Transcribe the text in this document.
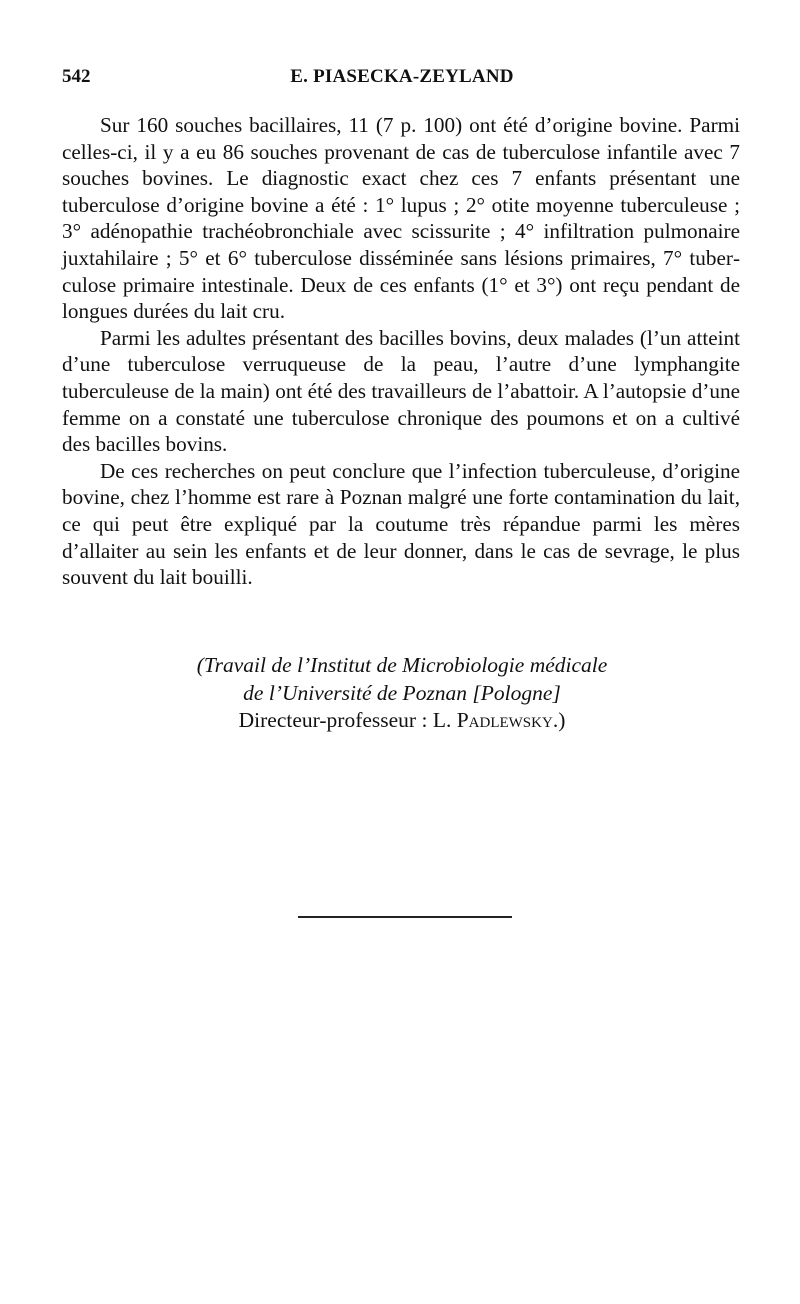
542	E. PIASECKA-ZEYLAND

Sur 160 souches bacillaires, 11 (7 p. 100) ont été d’origine bovine. Parmi celles-ci, il y a eu 86 souches provenant de cas de tuberculose infantile avec 7 souches bovines. Le diagnostic exact chez ces 7 enfants présentant une tuberculose d’origine bovine a été : 1° lupus ; 2° otite moyenne tuberculeuse ; 3° adénopathie trachéobronchiale avec scissurite ; 4° infiltration pulmonaire juxtahilaire ; 5° et 6° tuberculose disséminée sans lésions primaires, 7° tuberculose primaire intestinale. Deux de ces enfants (1° et 3°) ont reçu pendant de longues durées du lait cru.

Parmi les adultes présentant des bacilles bovins, deux malades (l’un atteint d’une tuberculose verruqueuse de la peau, l’autre d’une lymphangite tuberculeuse de la main) ont été des travailleurs de l’abattoir. A l’autopsie d’une femme on a constaté une tuberculose chronique des poumons et on a cultivé des bacilles bovins.

De ces recherches on peut conclure que l’infection tuberculeuse, d’origine bovine, chez l’homme est rare à Poznan malgré une forte contamination du lait, ce qui peut être expliqué par la coutume très répandue parmi les mères d’allaiter au sein les enfants et de leur donner, dans le cas de sevrage, le plus souvent du lait bouilli.

(Travail de l’Institut de Microbiologie médicale
de l’Université de Poznan [Pologne]
Directeur-professeur : L. Padlewsky.)
